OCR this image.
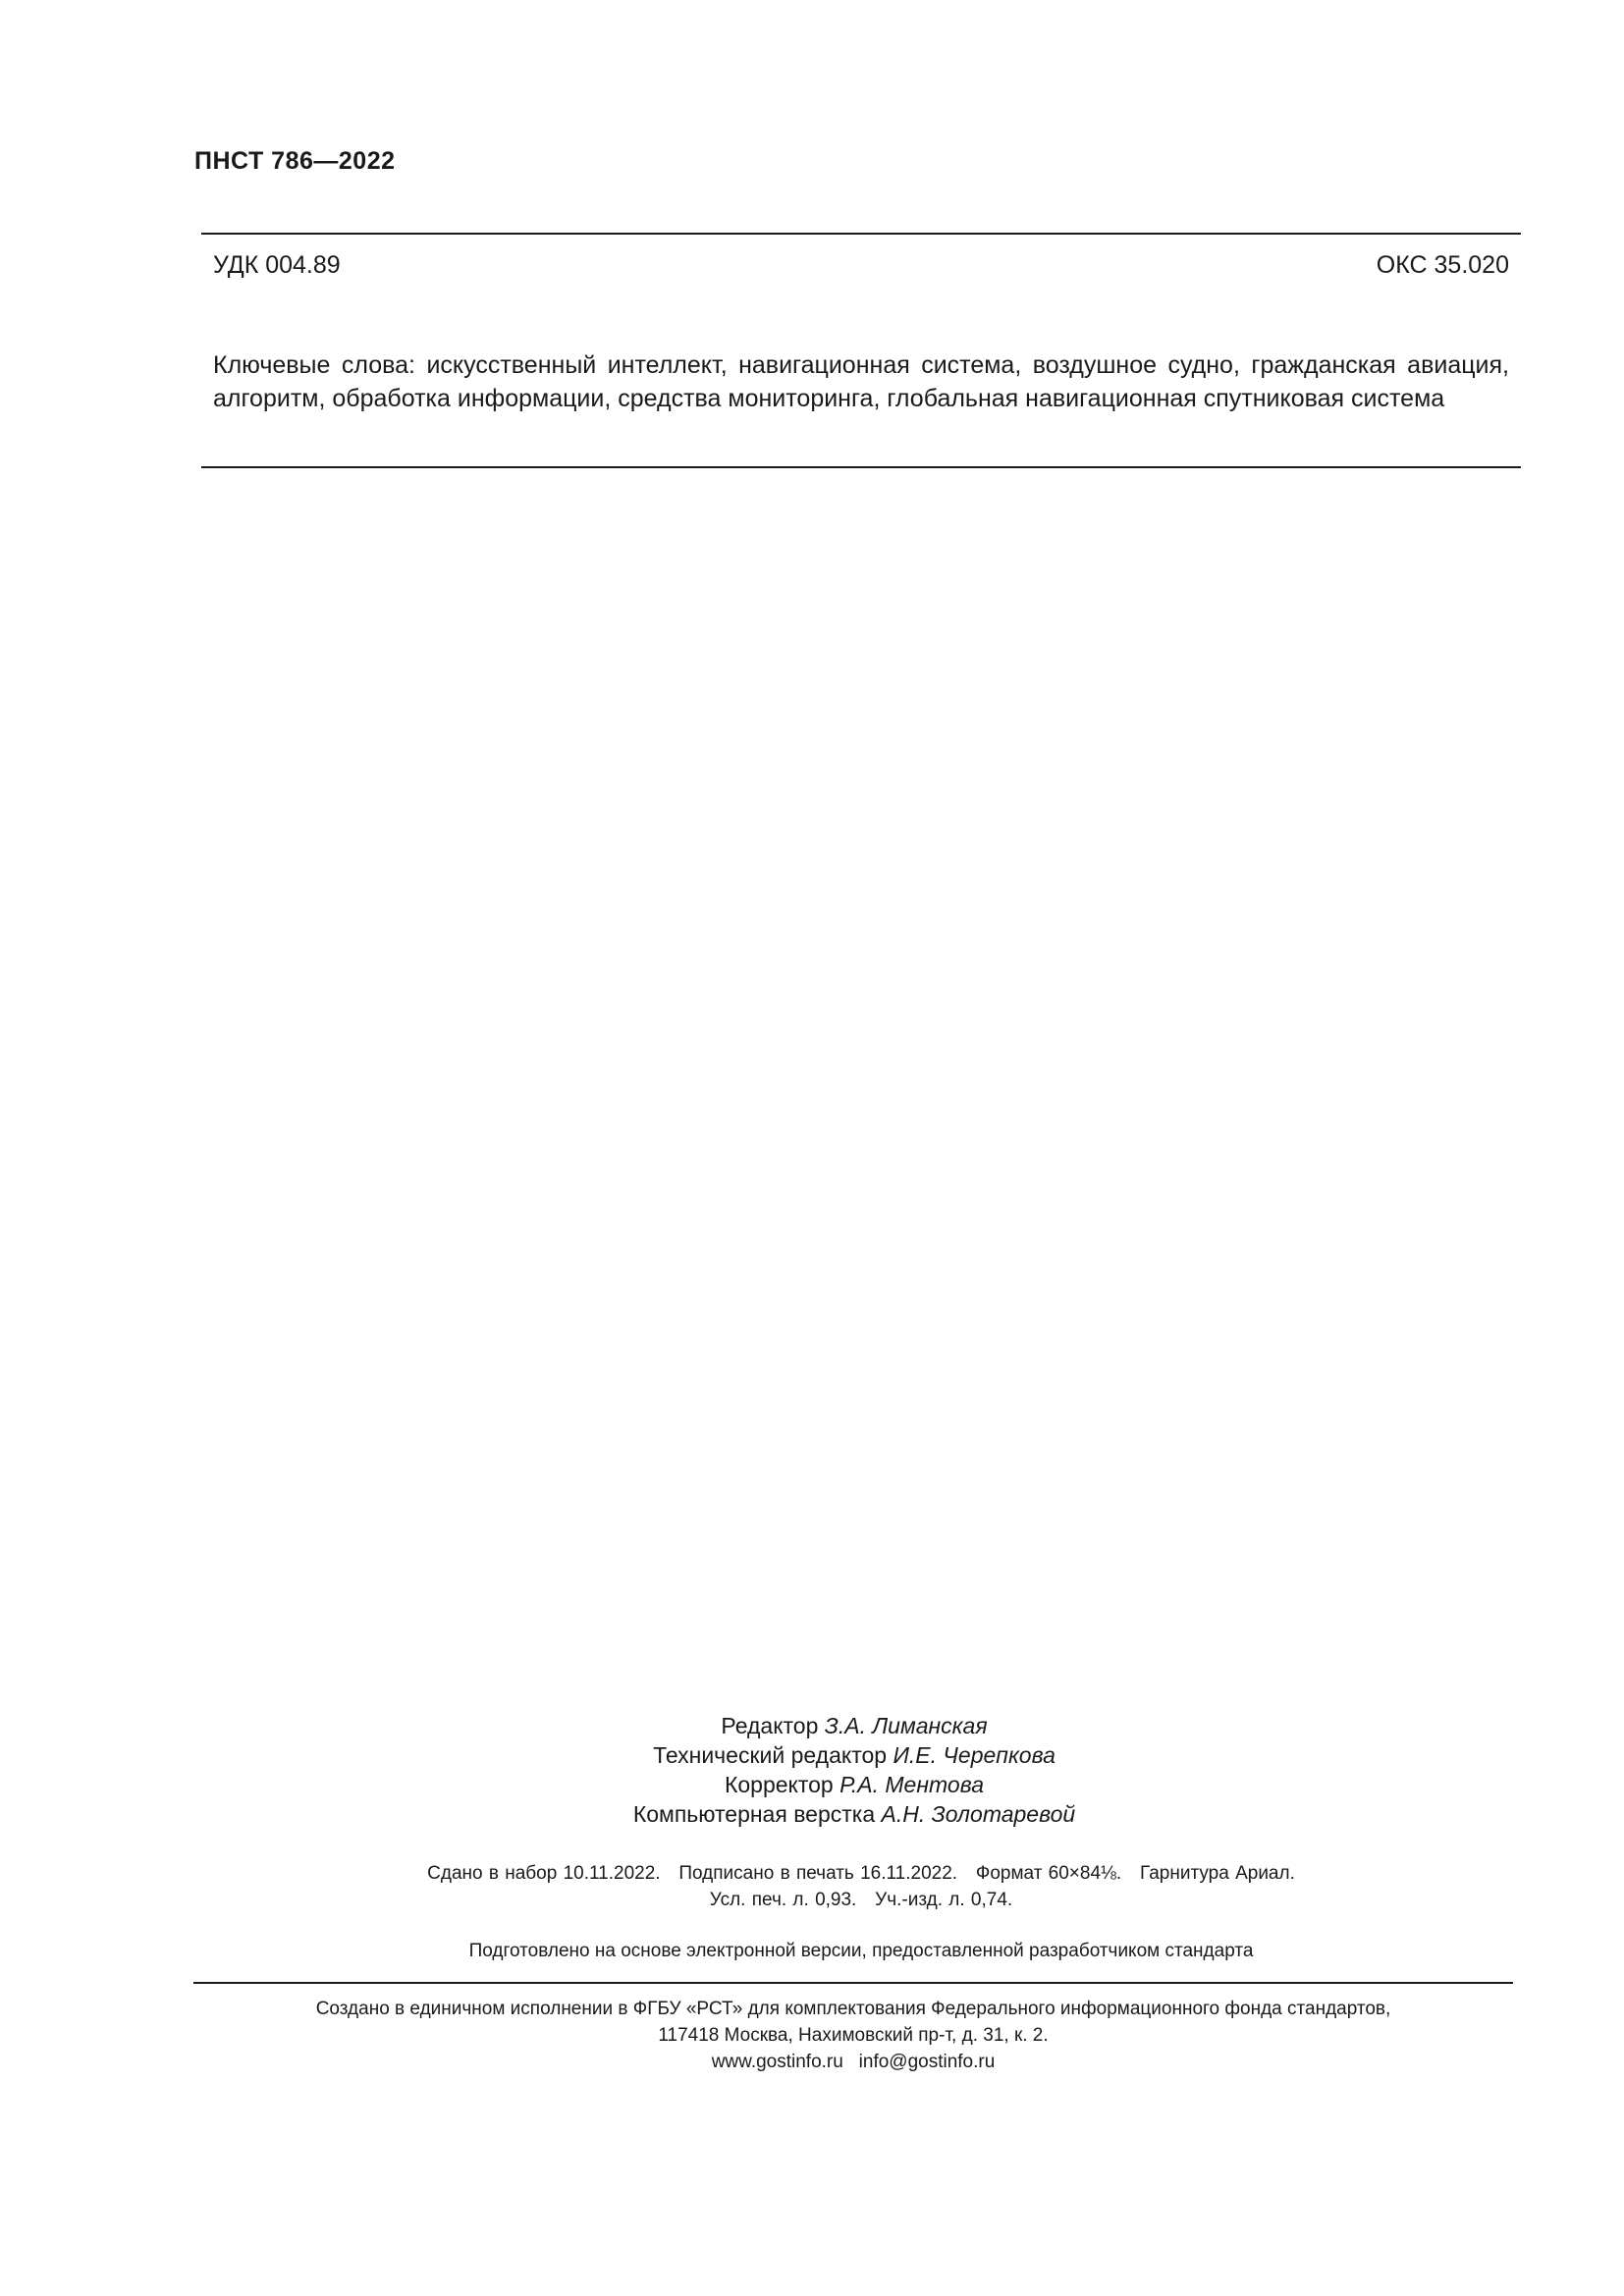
ПНСТ 786—2022
УДК 004.89	ОКС 35.020
Ключевые слова: искусственный интеллект, навигационная система, воздушное судно, гражданская авиация, алгоритм, обработка информации, средства мониторинга, глобальная навигационная спутниковая система
Редактор З.А. Лиманская
Технический редактор И.Е. Черепкова
Корректор Р.А. Ментова
Компьютерная верстка А.Н. Золотаревой
Сдано в набор 10.11.2022.   Подписано в печать 16.11.2022.   Формат 60×84⅛.   Гарнитура Ариал.
Усл. печ. л. 0,93.   Уч.-изд. л. 0,74.
Подготовлено на основе электронной версии, предоставленной разработчиком стандарта
Создано в единичном исполнении в ФГБУ «РСТ» для комплектования Федерального информационного фонда стандартов,
117418 Москва, Нахимовский пр-т, д. 31, к. 2.
www.gostinfo.ru   info@gostinfo.ru
